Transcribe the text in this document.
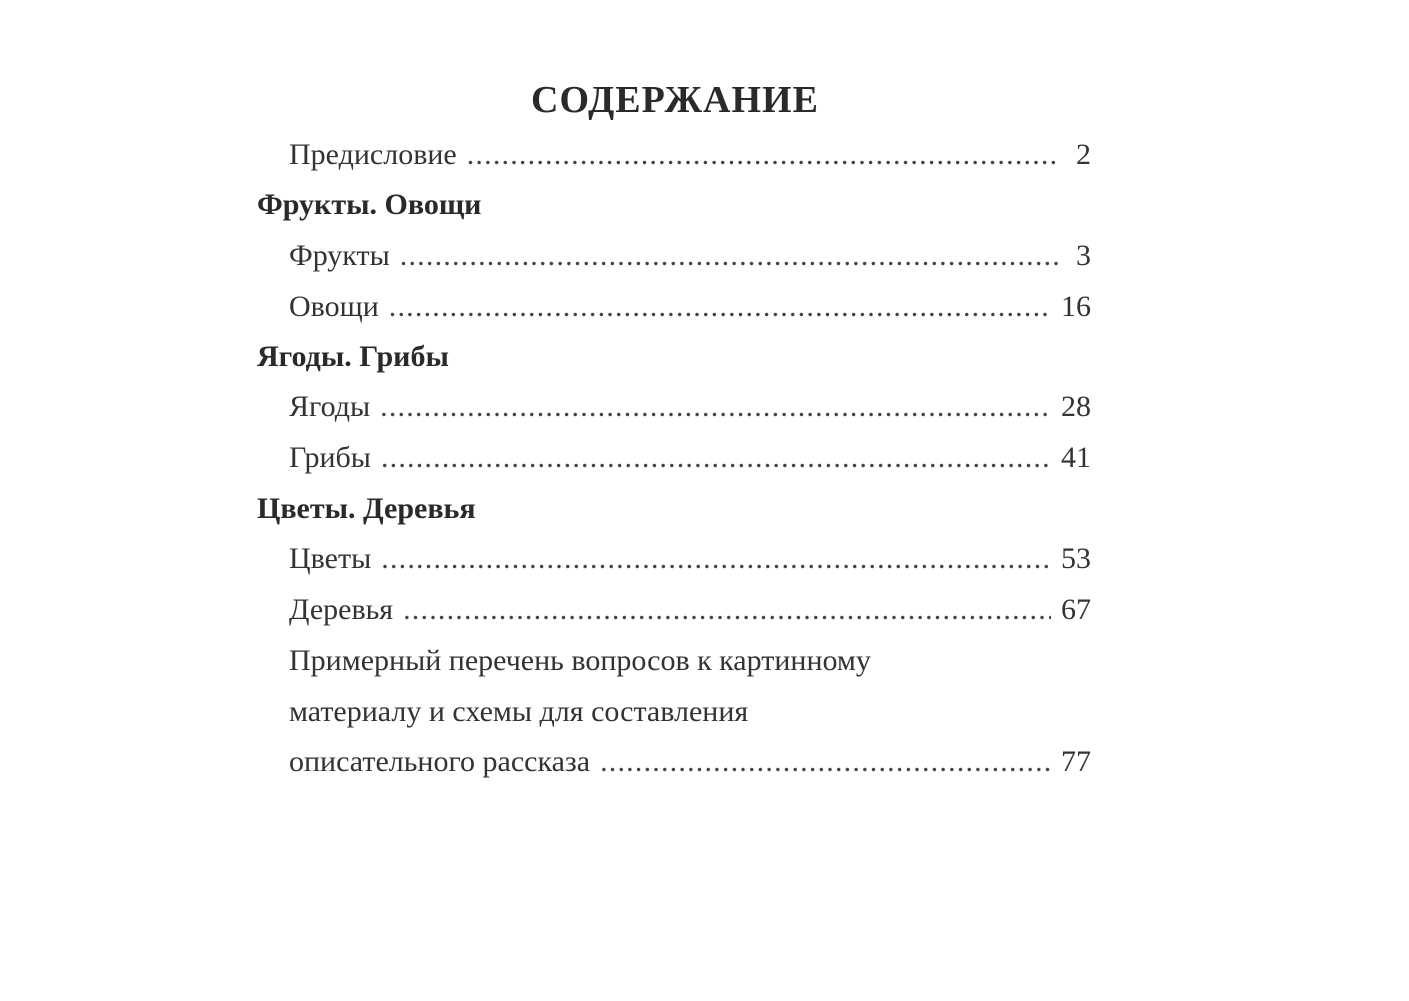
СОДЕРЖАНИЕ
Предисловие .....	2
Фрукты. Овощи
Фрукты .....	3
Овощи .....	16
Ягоды. Грибы
Ягоды .....	28
Грибы .....	41
Цветы. Деревья
Цветы .....	53
Деревья .....	67
Примерный перечень вопросов к картинному
материалу и схемы для составления
описательного рассказа .....	77
